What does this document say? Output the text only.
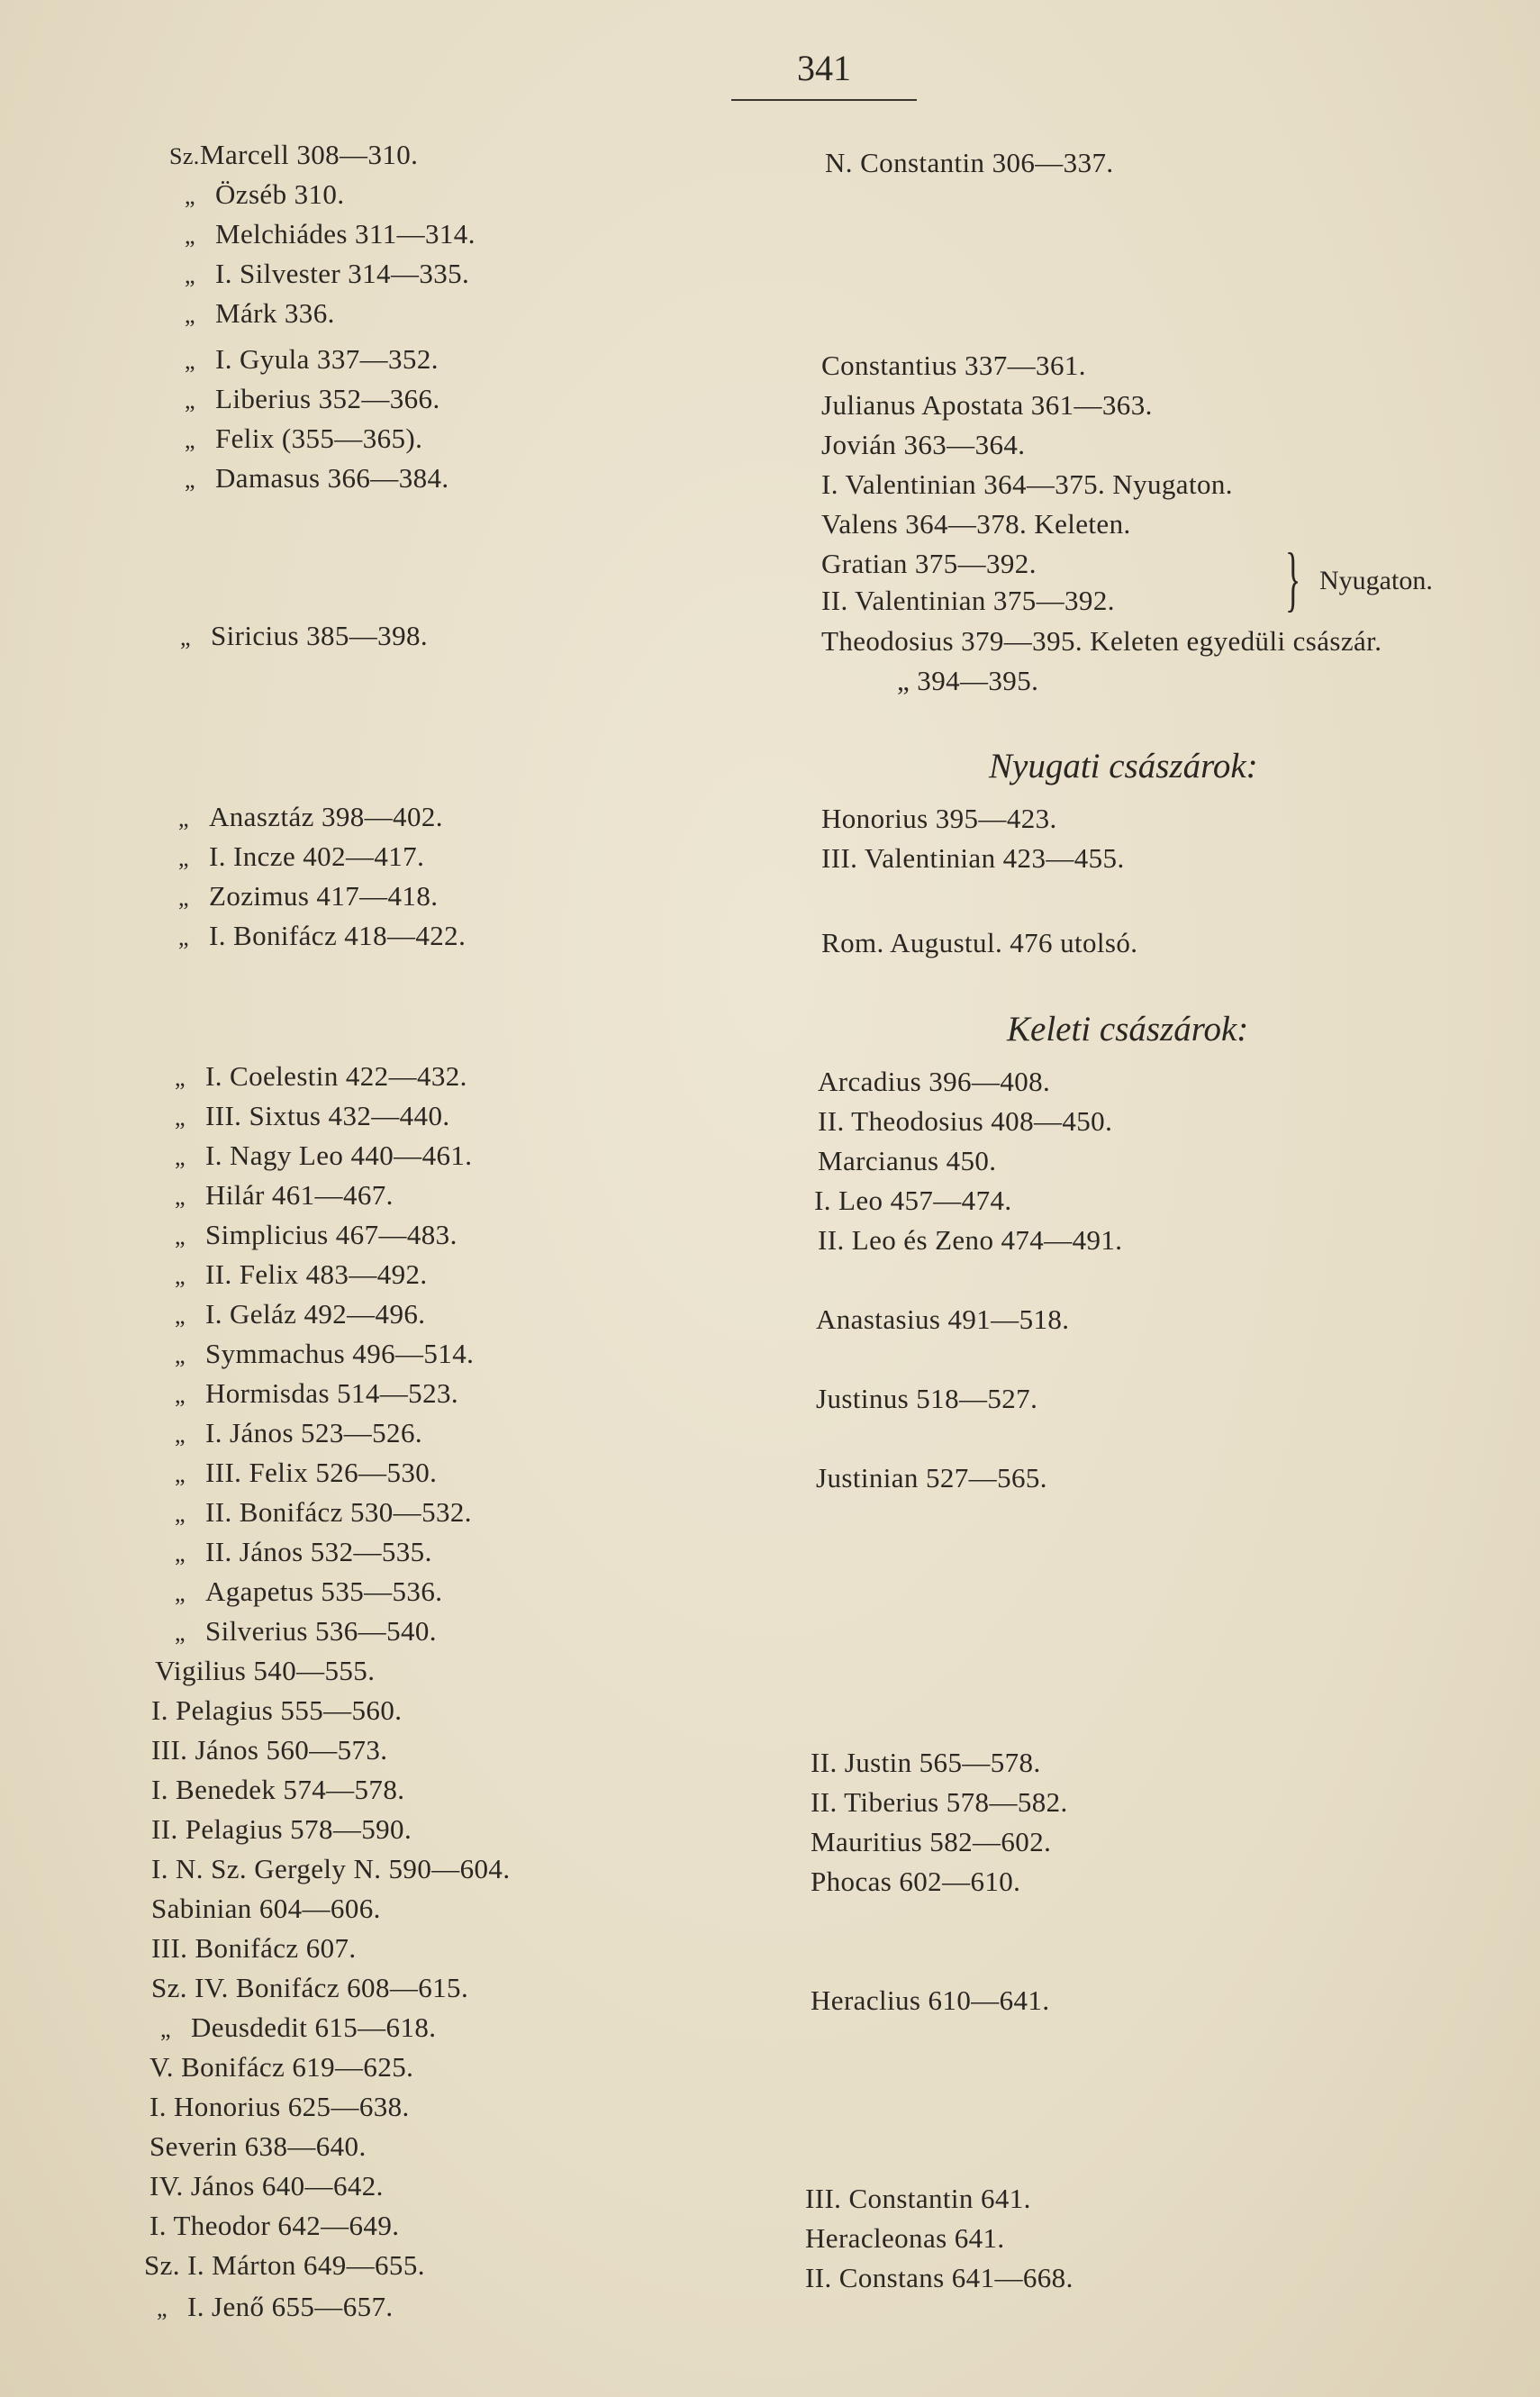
341
Sz.Marcell 308—310.
„ Özséb 310.
„ Melchiádes 311—314.
„ I. Silvester 314—335.
„ Márk 336.
„ I. Gyula 337—352.
„ Liberius 352—366.
„ Felix (355—365).
„ Damasus 366—384.
„ Siricius 385—398.
„ Anasztáz 398—402.
„ I. Incze 402—417.
„ Zozimus 417—418.
„ I. Bonifácz 418—422.
„ I. Coelestin 422—432.
„ III. Sixtus 432—440.
„ I. Nagy Leo 440—461.
„ Hilár 461—467.
„ Simplicius 467—483.
„ II. Felix 483—492.
„ I. Geláz 492—496.
„ Symmachus 496—514.
„ Hormisdas 514—523.
„ I. János 523—526.
„ III. Felix 526—530.
„ II. Bonifácz 530—532.
„ II. János 532—535.
„ Agapetus 535—536.
„ Silverius 536—540.
Vigilius 540—555.
I. Pelagius 555—560.
III. János 560—573.
I. Benedek 574—578.
II. Pelagius 578—590.
I. N. Sz. Gergely N. 590—604.
Sabinian 604—606.
III. Bonifácz 607.
Sz. IV. Bonifácz 608—615.
„ Deusdedit 615—618.
V. Bonifácz 619—625.
I. Honorius 625—638.
Severin 638—640.
IV. János 640—642.
I. Theodor 642—649.
Sz. I. Márton 649—655.
„ I. Jenő 655—657.
N. Constantin 306—337.
Constantius 337—361.
Julianus Apostata 361—363.
Jovián 363—364.
I. Valentinian 364—375. Nyugaton.
Valens 364—378. Keleten.
Gratian 375—392.
II. Valentinian 375—392. } Nyugaton.
Theodosius 379—395. Keleten egyedüli császár.
„ 394—395.
Nyugati császárok:
Honorius 395—423.
III. Valentinian 423—455.
Rom. Augustul. 476 utolsó.
Keleti császárok:
Arcadius 396—408.
II. Theodosius 408—450.
Marcianus 450.
I. Leo 457—474.
II. Leo és Zeno 474—491.
Anastasius 491—518.
Justinus 518—527.
Justinian 527—565.
II. Justin 565—578.
II. Tiberius 578—582.
Mauritius 582—602.
Phocas 602—610.
Heraclius 610—641.
III. Constantin 641.
Heracleonas 641.
II. Constans 641—668.
